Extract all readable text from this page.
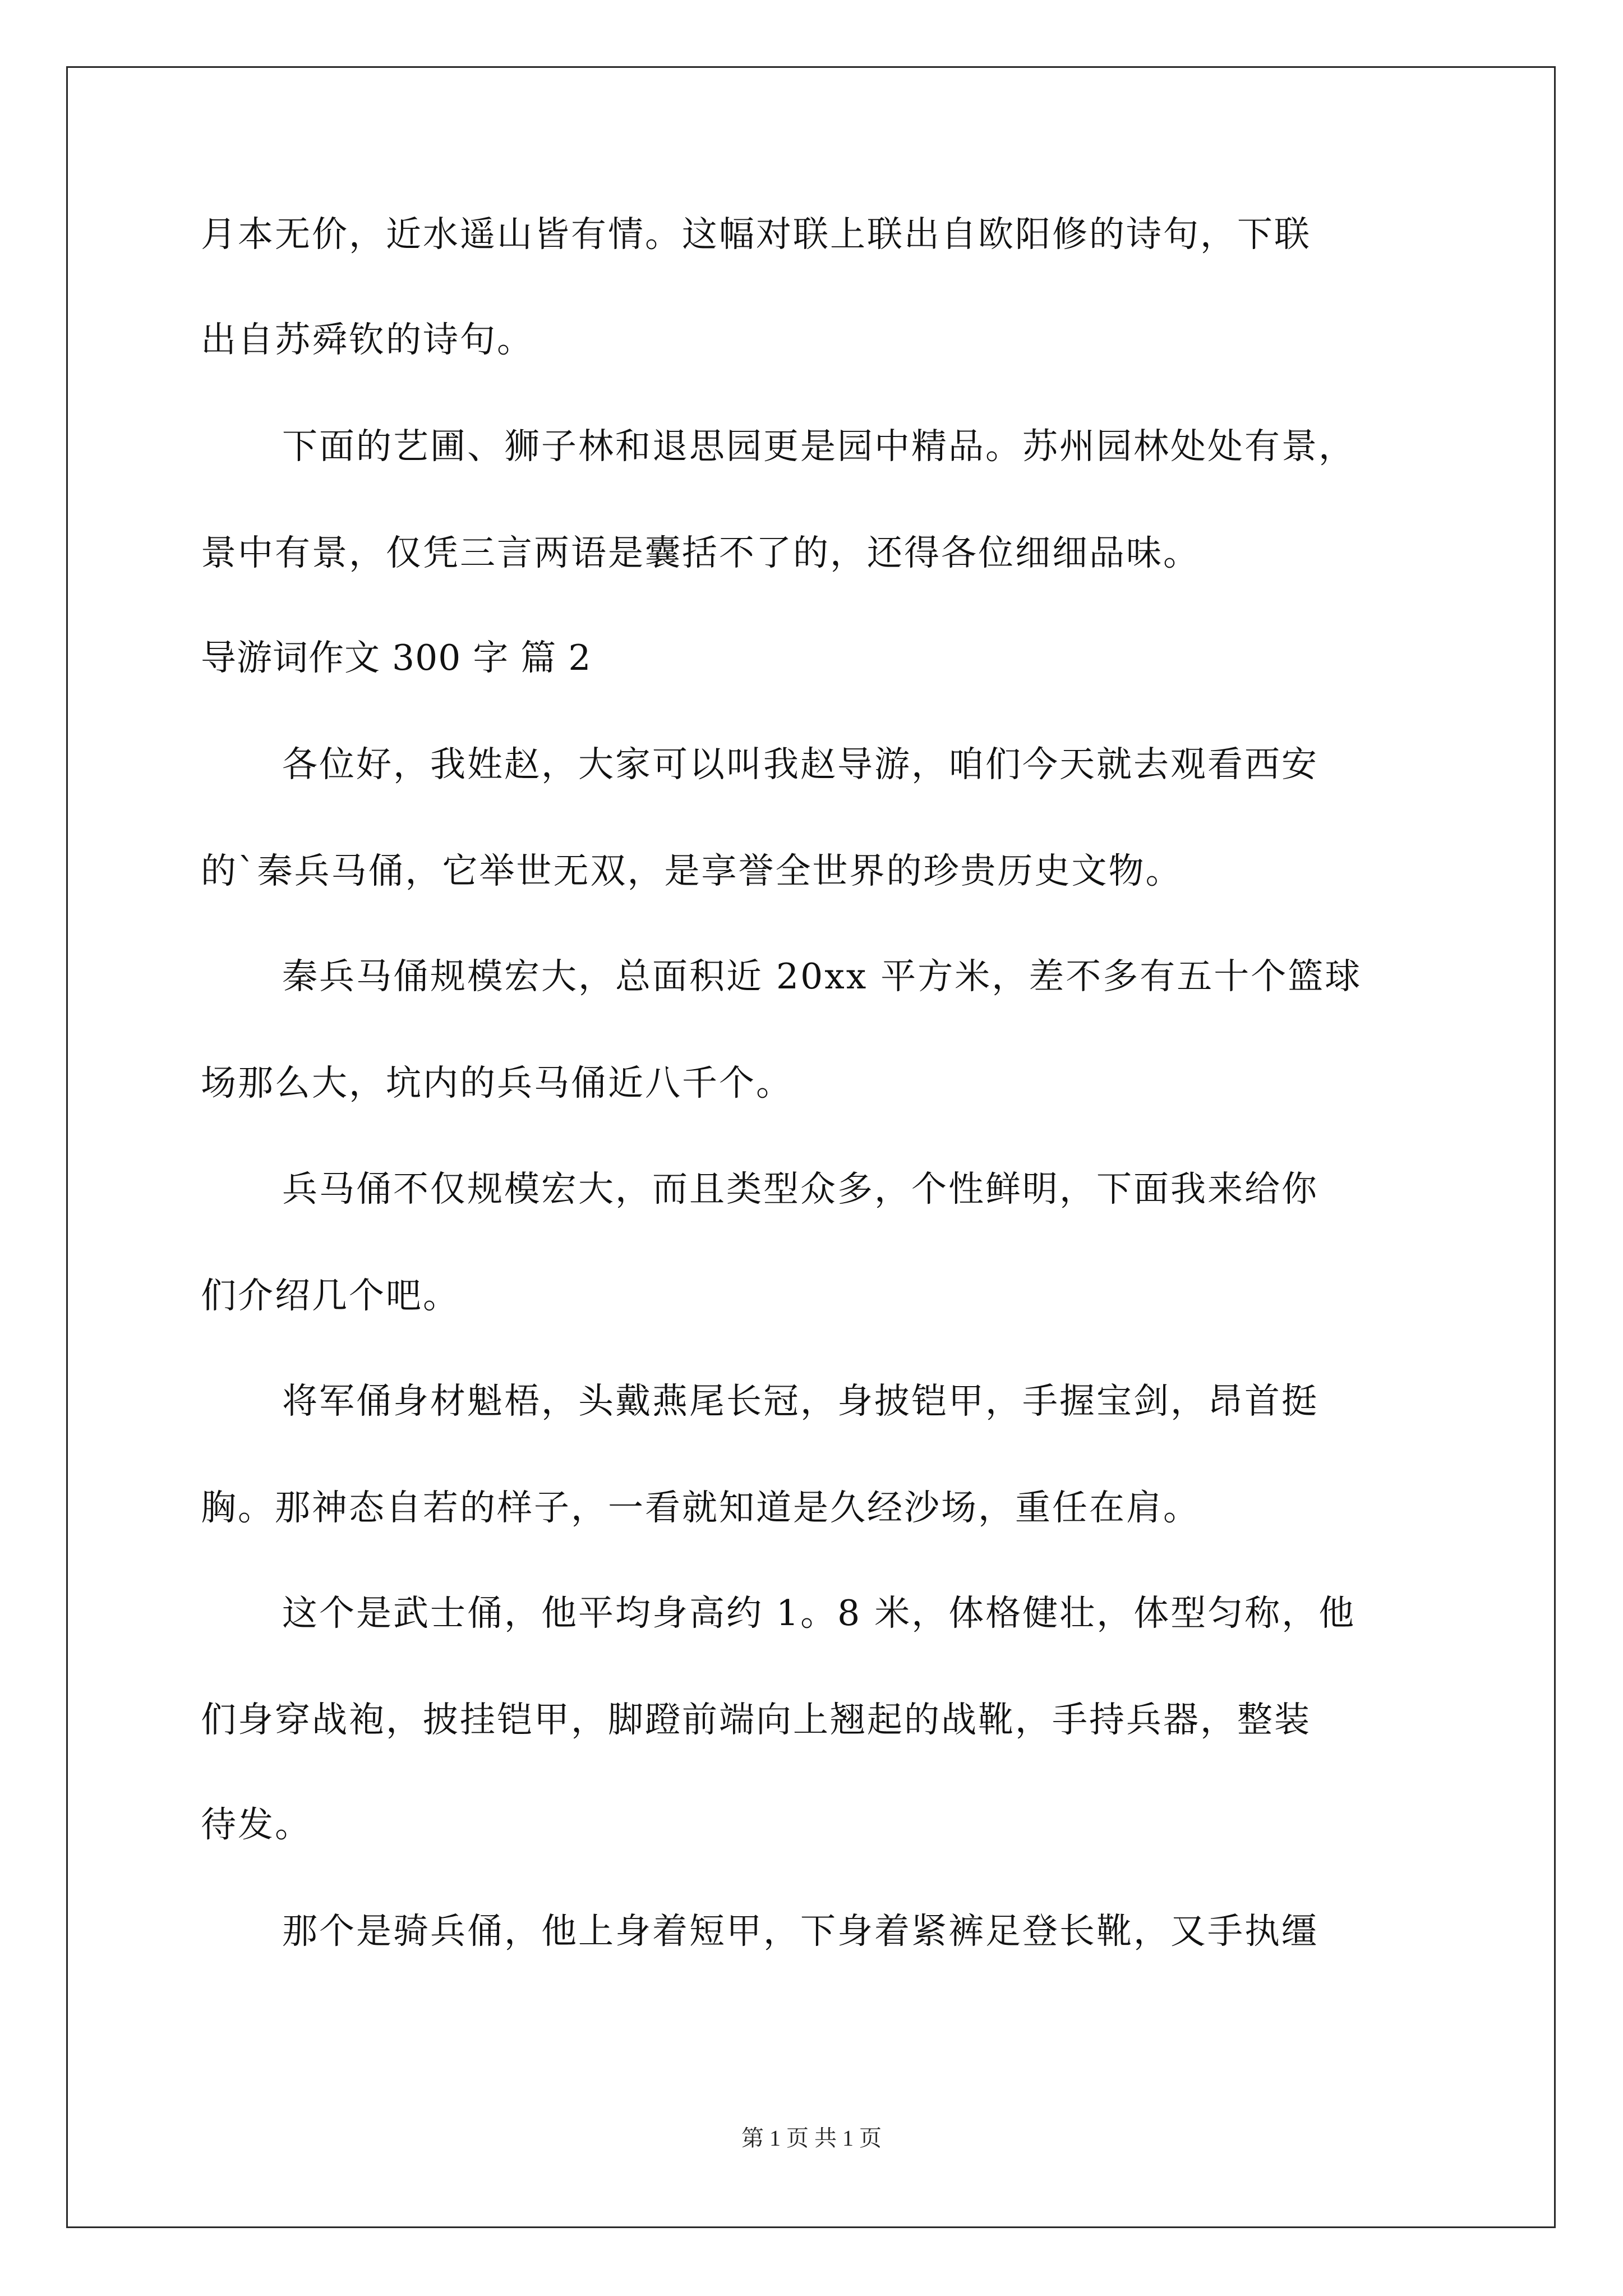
月本无价，近水遥山皆有情。这幅对联上联出自欧阳修的诗句，下联
出自苏舜钦的诗句。
下面的艺圃、狮子林和退思园更是园中精品。苏州园林处处有景，
景中有景，仅凭三言两语是囊括不了的，还得各位细细品味。
导游词作文 300 字 篇 2
各位好，我姓赵，大家可以叫我赵导游，咱们今天就去观看西安
的`秦兵马俑，它举世无双，是享誉全世界的珍贵历史文物。
秦兵马俑规模宏大，总面积近 20xx 平方米，差不多有五十个篮球
场那么大，坑内的兵马俑近八千个。
兵马俑不仅规模宏大，而且类型众多，个性鲜明，下面我来给你
们介绍几个吧。
将军俑身材魁梧，头戴燕尾长冠，身披铠甲，手握宝剑，昂首挺
胸。那神态自若的样子，一看就知道是久经沙场，重任在肩。
这个是武士俑，他平均身高约 1。8 米，体格健壮，体型匀称，他
们身穿战袍，披挂铠甲，脚蹬前端向上翘起的战靴，手持兵器，整装
待发。
那个是骑兵俑，他上身着短甲，下身着紧裤足登长靴，又手执缰
第 1 页 共 1 页
